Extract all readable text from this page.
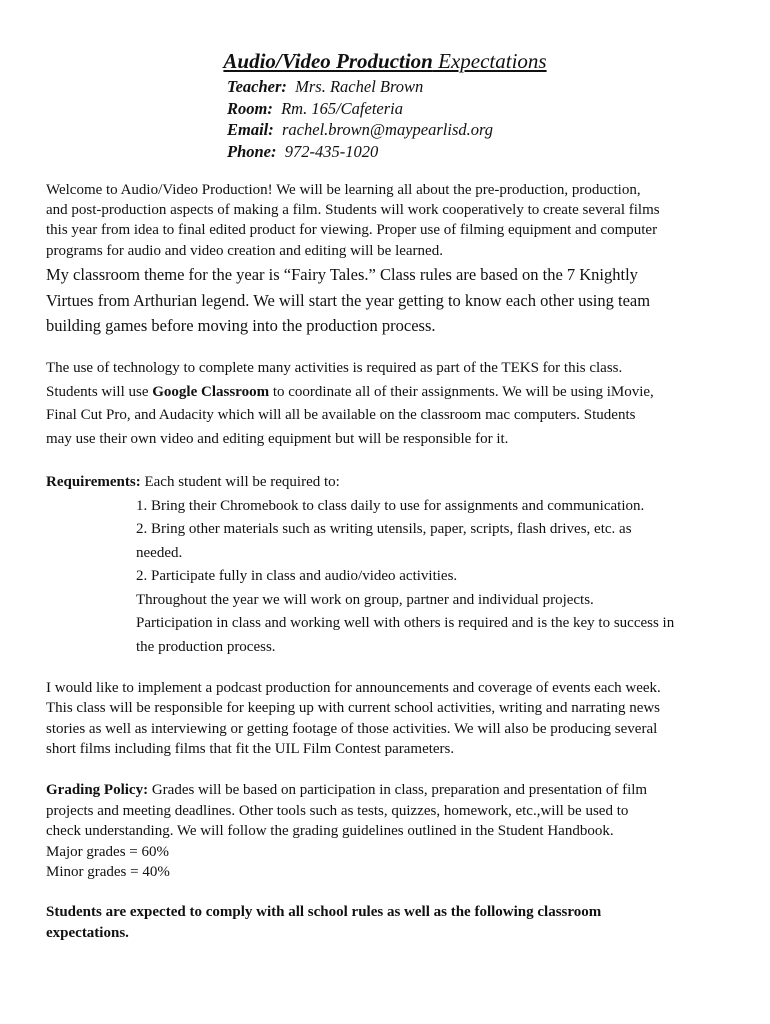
Audio/Video Production Expectations
Teacher: Mrs. Rachel Brown
Room: Rm. 165/Cafeteria
Email: rachel.brown@maypearlisd.org
Phone: 972-435-1020
Welcome to Audio/Video Production! We will be learning all about the pre-production, production,
and post-production aspects of making a film. Students will work cooperatively to create several films
this year from idea to final edited product for viewing. Proper use of filming equipment and computer
programs for audio and video creation and editing will be learned.
My classroom theme for the year is “Fairy Tales.” Class rules are based on the 7 Knightly
Virtues from Arthurian legend. We will start the year getting to know each other using team
building games before moving into the production process.
The use of technology to complete many activities is required as part of the TEKS for this class.
Students will use Google Classroom to coordinate all of their assignments. We will be using iMovie,
Final Cut Pro, and Audacity which will all be available on the classroom mac computers. Students
may use their own video and editing equipment but will be responsible for it.
Requirements: Each student will be required to:
1. Bring their Chromebook to class daily to use for assignments and communication.
2. Bring other materials such as writing utensils, paper, scripts, flash drives, etc. as
needed.
2. Participate fully in class and audio/video activities.
Throughout the year we will work on group, partner and individual projects.
Participation in class and working well with others is required and is the key to success in
the production process.
I would like to implement a podcast production for announcements and coverage of events each week.
This class will be responsible for keeping up with current school activities, writing and narrating news
stories as well as interviewing or getting footage of those activities. We will also be producing several
short films including films that fit the UIL Film Contest parameters.
Grading Policy: Grades will be based on participation in class, preparation and presentation of film
projects and meeting deadlines. Other tools such as tests, quizzes, homework, etc.,will be used to
check understanding. We will follow the grading guidelines outlined in the Student Handbook.
Major grades = 60%
Minor grades = 40%
Students are expected to comply with all school rules as well as the following classroom
expectations.
